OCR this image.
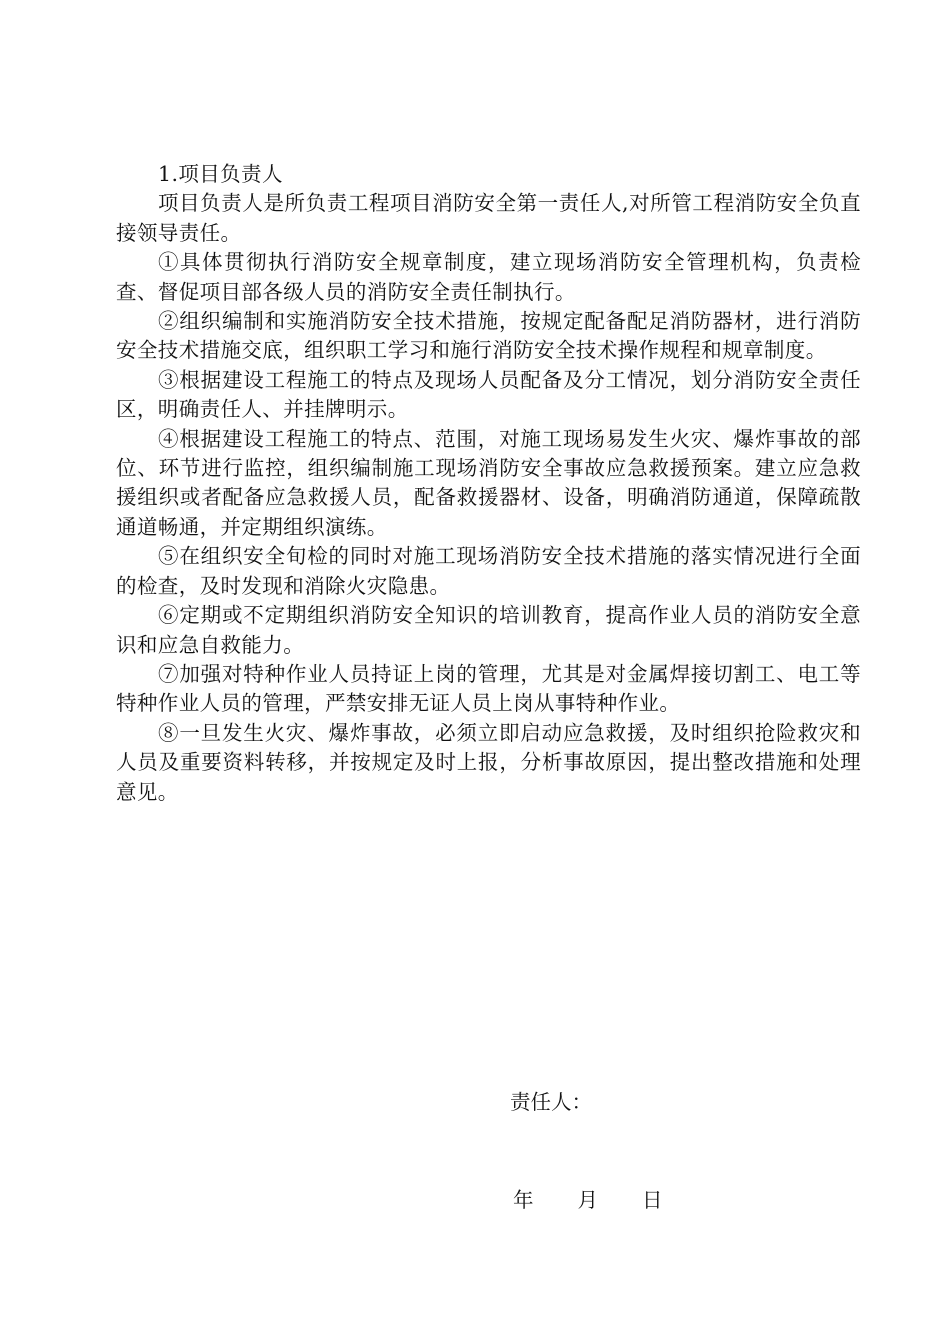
1.项目负责人

项目负责人是所负责工程项目消防安全第一责任人,对所管工程消防安全负直接领导责任。

①具体贯彻执行消防安全规章制度，建立现场消防安全管理机构，负责检查、督促项目部各级人员的消防安全责任制执行。

②组织编制和实施消防安全技术措施，按规定配备配足消防器材，进行消防安全技术措施交底，组织职工学习和施行消防安全技术操作规程和规章制度。

③根据建设工程施工的特点及现场人员配备及分工情况，划分消防安全责任区，明确责任人、并挂牌明示。

④根据建设工程施工的特点、范围，对施工现场易发生火灾、爆炸事故的部位、环节进行监控，组织编制施工现场消防安全事故应急救援预案。建立应急救援组织或者配备应急救援人员，配备救援器材、设备，明确消防通道，保障疏散通道畅通，并定期组织演练。

⑤在组织安全旬检的同时对施工现场消防安全技术措施的落实情况进行全面的检查，及时发现和消除火灾隐患。

⑥定期或不定期组织消防安全知识的培训教育，提高作业人员的消防安全意识和应急自救能力。

⑦加强对特种作业人员持证上岗的管理，尤其是对金属焊接切割工、电工等特种作业人员的管理，严禁安排无证人员上岗从事特种作业。

⑧一旦发生火灾、爆炸事故，必须立即启动应急救援，及时组织抢险救灾和人员及重要资料转移，并按规定及时上报，分析事故原因，提出整改措施和处理意见。

责任人：
年 月 日
